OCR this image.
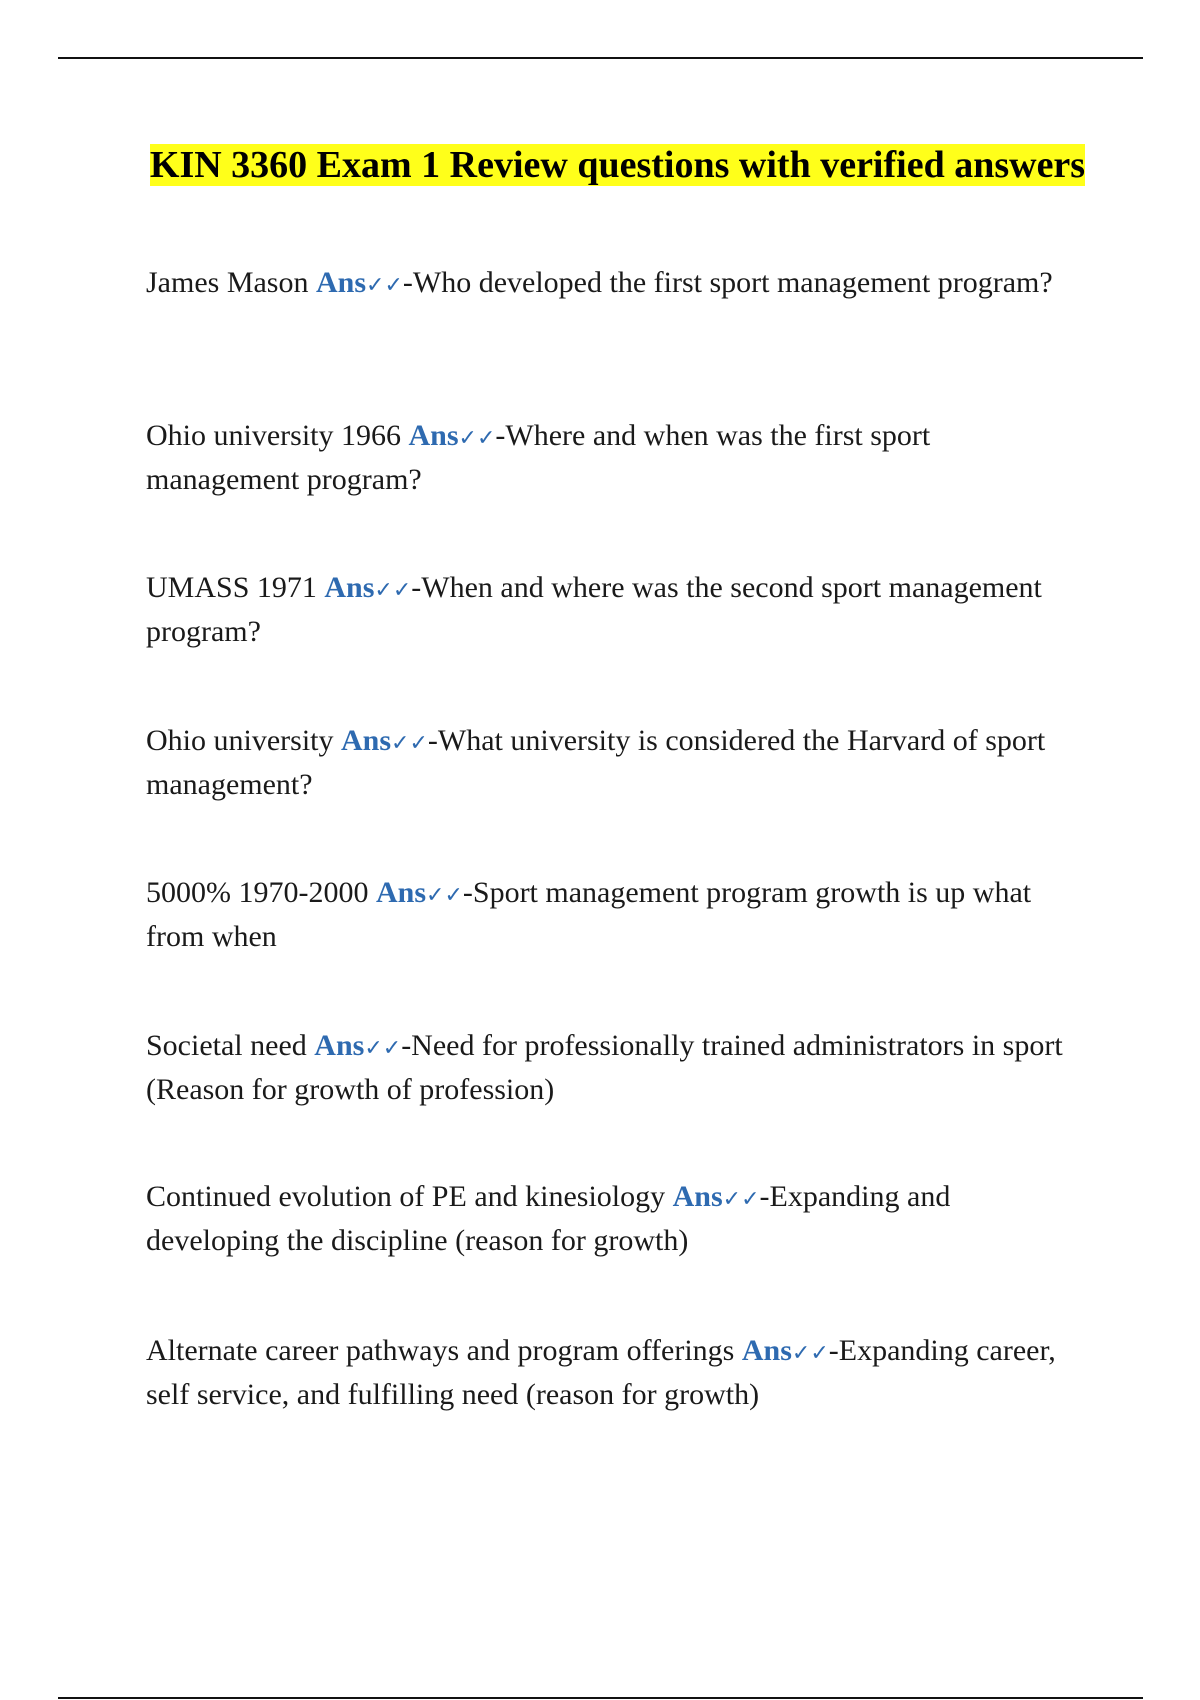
KIN 3360 Exam 1 Review questions with verified answers

James Mason Ans✓✓-Who developed the first sport management program?

Ohio university 1966 Ans✓✓-Where and when was the first sport management program?

UMASS 1971 Ans✓✓-When and where was the second sport management program?

Ohio university Ans✓✓-What university is considered the Harvard of sport management?

5000% 1970-2000 Ans✓✓-Sport management program growth is up what from when

Societal need Ans✓✓-Need for professionally trained administrators in sport (Reason for growth of profession)

Continued evolution of PE and kinesiology Ans✓✓-Expanding and developing the discipline (reason for growth)

Alternate career pathways and program offerings Ans✓✓-Expanding career, self service, and fulfilling need (reason for growth)
